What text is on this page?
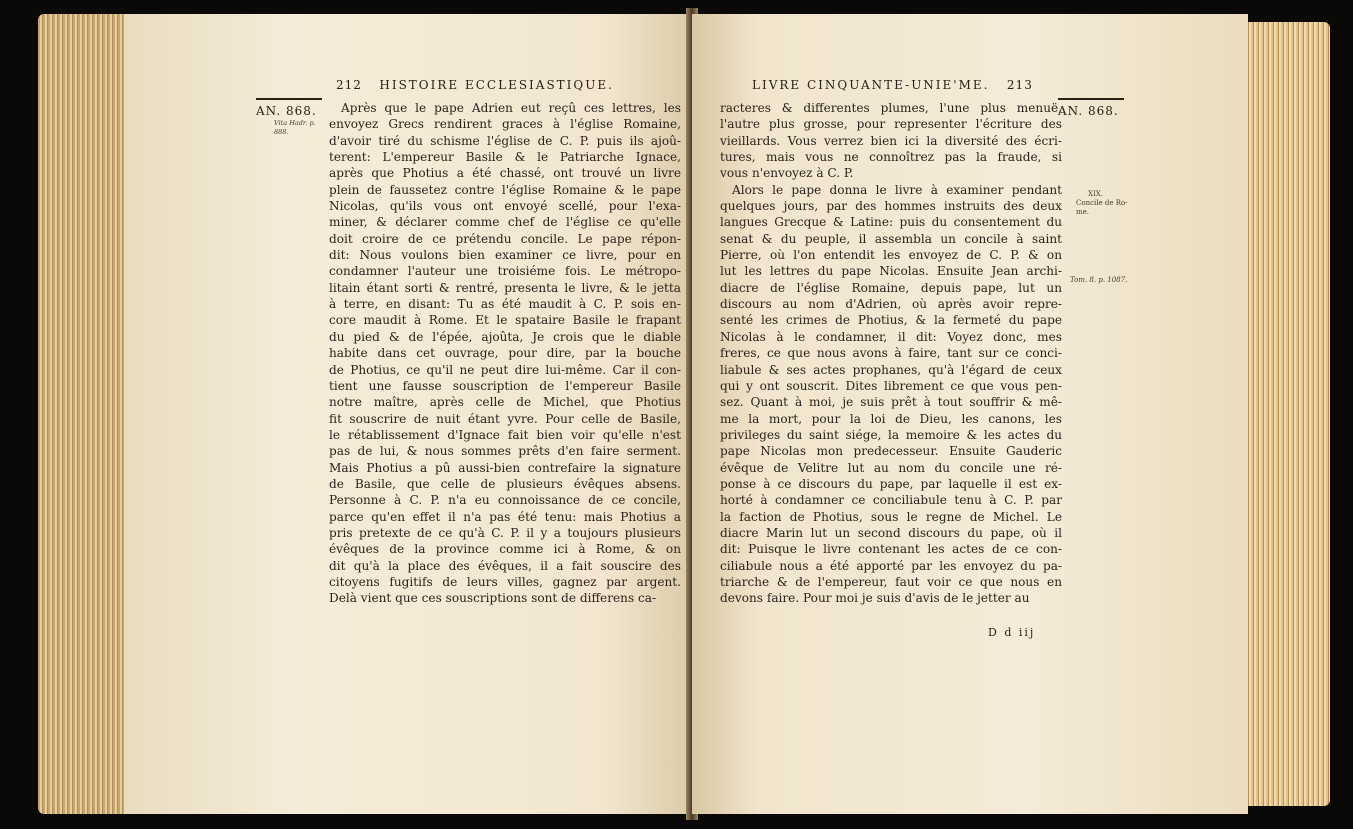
212 HISTOIRE ECCLESIASTIQUE.
AN. 868.
Vita Hadr. p.
888.
Après que le pape Adrien eut reçû ces lettres, les
envoyez Grecs rendirent graces à l'église Romaine,
d'avoir tiré du schisme l'église de C. P. puis ils ajoû-
terent: L'empereur Basile & le Patriarche Ignace,
après que Photius a été chassé, ont trouvé un livre
plein de faussetez contre l'église Romaine & le pape
Nicolas, qu'ils vous ont envoyé scellé, pour l'exa-
miner, & déclarer comme chef de l'église ce qu'elle
doit croire de ce prétendu concile. Le pape répon-
dit: Nous voulons bien examiner ce livre, pour en
condamner l'auteur une troisiéme fois. Le métropo-
litain étant sorti & rentré, presenta le livre, & le jetta
à terre, en disant: Tu as été maudit à C. P. sois en-
core maudit à Rome. Et le spataire Basile le frapant
du pied & de l'épée, ajoûta, Je crois que le diable
habite dans cet ouvrage, pour dire, par la bouche
de Photius, ce qu'il ne peut dire lui-même. Car il con-
tient une fausse souscription de l'empereur Basile
notre maître, après celle de Michel, que Photius
fit souscrire de nuit étant yvre. Pour celle de Basile,
le rétablissement d'Ignace fait bien voir qu'elle n'est
pas de lui, & nous sommes prêts d'en faire serment.
Mais Photius a pû aussi-bien contrefaire la signature
de Basile, que celle de plusieurs évêques absens.
Personne à C. P. n'a eu connoissance de ce concile,
parce qu'en effet il n'a pas été tenu: mais Photius a
pris pretexte de ce qu'à C. P. il y a toujours plusieurs
évêques de la province comme ici à Rome, & on
dit qu'à la place des évêques, il a fait souscire des
citoyens fugitifs de leurs villes, gagnez par argent.
Delà vient que ces souscriptions sont de differens ca-
LIVRE CINQUANTE-UNIE'ME. 213
AN. 868.
XIX.
Concile de Ro-
me.
Tom. 8. p. 1087.
racteres & differentes plumes, l'une plus menuë,
l'autre plus grosse, pour representer l'écriture des
vieillards. Vous verrez bien ici la diversité des écri-
tures, mais vous ne connoîtrez pas la fraude, si
vous n'envoyez à C. P.
Alors le pape donna le livre à examiner pendant
quelques jours, par des hommes instruits des deux
langues Grecque & Latine: puis du consentement du
senat & du peuple, il assembla un concile à saint
Pierre, où l'on entendit les envoyez de C. P. & on
lut les lettres du pape Nicolas. Ensuite Jean archi-
diacre de l'église Romaine, depuis pape, lut un
discours au nom d'Adrien, où après avoir repre-
senté les crimes de Photius, & la fermeté du pape
Nicolas à le condamner, il dit: Voyez donc, mes
freres, ce que nous avons à faire, tant sur ce conci-
liabule & ses actes prophanes, qu'à l'égard de ceux
qui y ont souscrit. Dites librement ce que vous pen-
sez. Quant à moi, je suis prêt à tout souffrir & mê-
me la mort, pour la loi de Dieu, les canons, les
privileges du saint siége, la memoire & les actes du
pape Nicolas mon predecesseur. Ensuite Gauderic
évêque de Velitre lut au nom du concile une ré-
ponse à ce discours du pape, par laquelle il est ex-
horté à condamner ce conciliabule tenu à C. P. par
la faction de Photius, sous le regne de Michel. Le
diacre Marin lut un second discours du pape, où il
dit: Puisque le livre contenant les actes de ce con-
ciliabule nous a été apporté par les envoyez du pa-
triarche & de l'empereur, faut voir ce que nous en
devons faire. Pour moi je suis d'avis de le jetter au
D d iij
